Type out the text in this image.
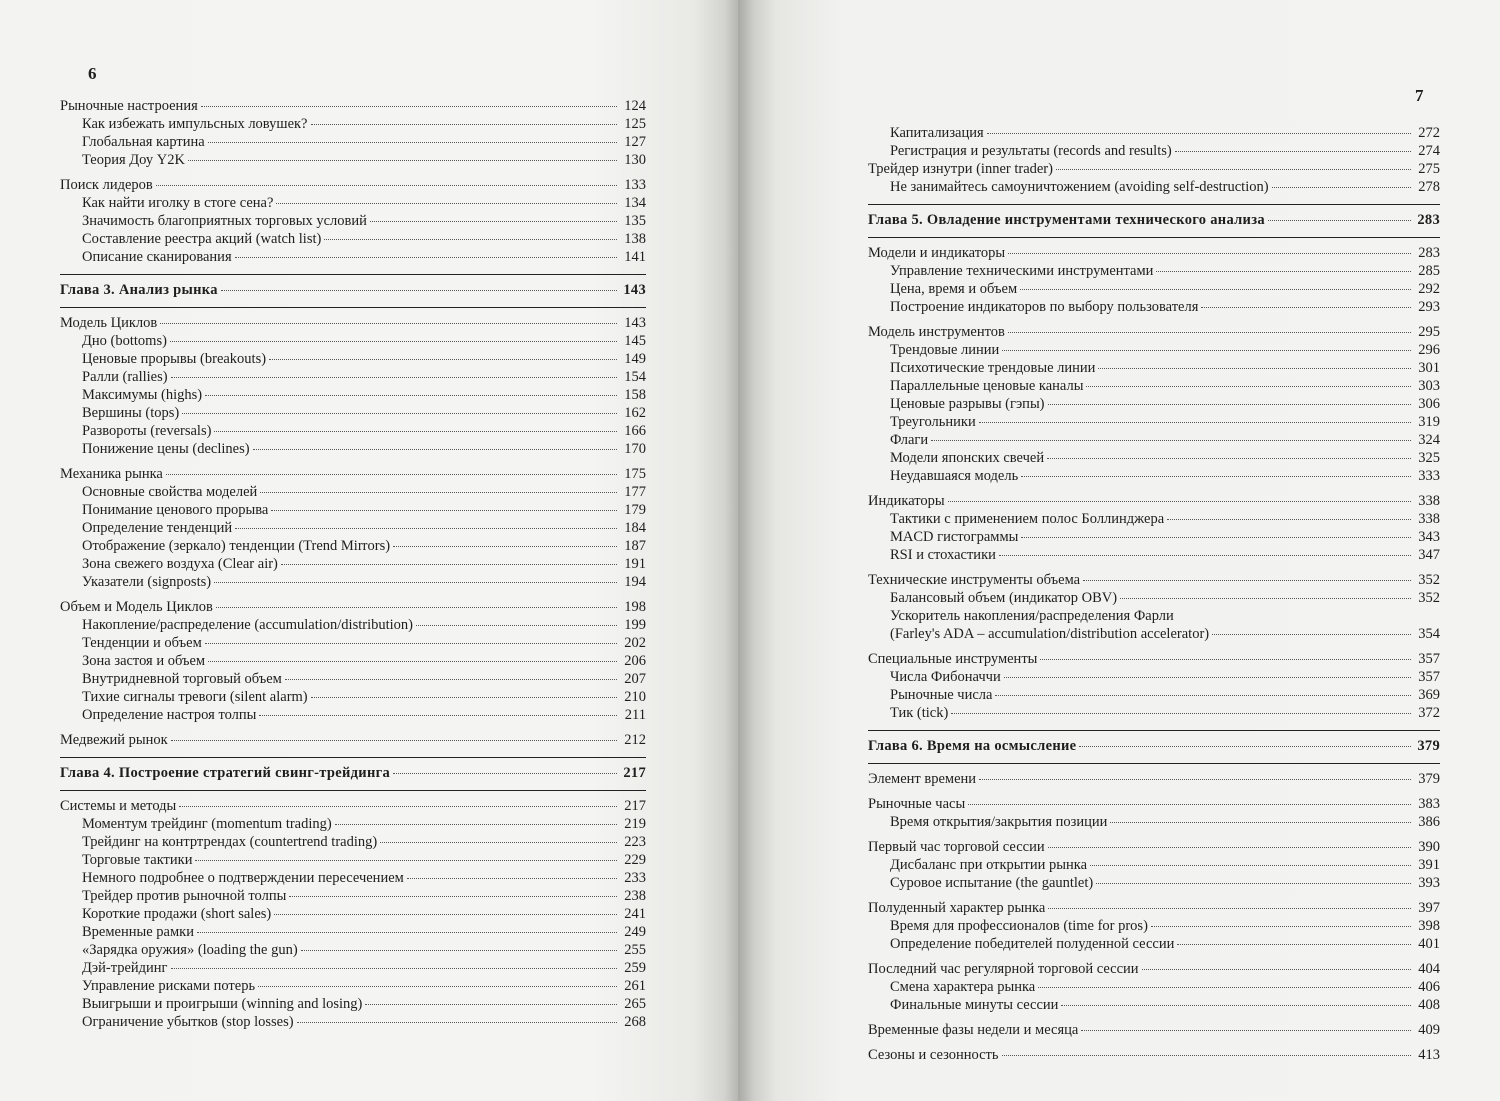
6
7
Рыночные настроения	124
Как избежать импульсных ловушек?	125
Глобальная картина	127
Теория Доу Y2K	130
Поиск лидеров	133
Как найти иголку в стоге сена?	134
Значимость благоприятных торговых условий	135
Составление реестра акций (watch list)	138
Описание сканирования	141
Глава 3. Анализ рынка	143
Модель Циклов	143
Дно (bottoms)	145
Ценовые прорывы (breakouts)	149
Ралли (rallies)	154
Максимумы (highs)	158
Вершины (tops)	162
Развороты (reversals)	166
Понижение цены (declines)	170
Механика рынка	175
Основные свойства моделей	177
Понимание ценового прорыва	179
Определение тенденций	184
Отображение (зеркало) тенденции (Trend Mirrors)	187
Зона свежего воздуха (Clear air)	191
Указатели (signposts)	194
Объем и Модель Циклов	198
Накопление/распределение (accumulation/distribution)	199
Тенденции и объем	202
Зона застоя и объем	206
Внутридневной торговый объем	207
Тихие сигналы тревоги (silent alarm)	210
Определение настроя толпы	211
Медвежий рынок	212
Глава 4. Построение стратегий свинг-трейдинга	217
Системы и методы	217
Моментум трейдинг (momentum trading)	219
Трейдинг на контртрендах (countertrend trading)	223
Торговые тактики	229
Немного подробнее о подтверждении пересечением	233
Трейдер против рыночной толпы	238
Короткие продажи (short sales)	241
Временные рамки	249
«Зарядка оружия» (loading the gun)	255
Дэй-трейдинг	259
Управление рисками потерь	261
Выигрыши и проигрыши (winning and losing)	265
Ограничение убытков (stop losses)	268
Капитализация	272
Регистрация и результаты (records and results)	274
Трейдер изнутри (inner trader)	275
Не занимайтесь самоуничтожением (avoiding self-destruction)	278
Глава 5. Овладение инструментами технического анализа	283
Модели и индикаторы	283
Управление техническими инструментами	285
Цена, время и объем	292
Построение индикаторов по выбору пользователя	293
Модель инструментов	295
Трендовые линии	296
Психотические трендовые линии	301
Параллельные ценовые каналы	303
Ценовые разрывы (гэпы)	306
Треугольники	319
Флаги	324
Модели японских свечей	325
Неудавшаяся модель	333
Индикаторы	338
Тактики с применением полос Боллинджера	338
MACD гистограммы	343
RSI и стохастики	347
Технические инструменты объема	352
Балансовый объем (индикатор OBV)	352
Ускоритель накопления/распределения Фарли
(Farley's ADA – accumulation/distribution accelerator)	354
Специальные инструменты	357
Числа Фибоначчи	357
Рыночные числа	369
Тик (tick)	372
Глава 6. Время на осмысление	379
Элемент времени	379
Рыночные часы	383
Время открытия/закрытия позиции	386
Первый час торговой сессии	390
Дисбаланс при открытии рынка	391
Суровое испытание (the gauntlet)	393
Полуденный характер рынка	397
Время для профессионалов (time for pros)	398
Определение победителей полуденной сессии	401
Последний час регулярной торговой сессии	404
Смена характера рынка	406
Финальные минуты сессии	408
Временные фазы недели и месяца	409
Сезоны и сезонность	413
